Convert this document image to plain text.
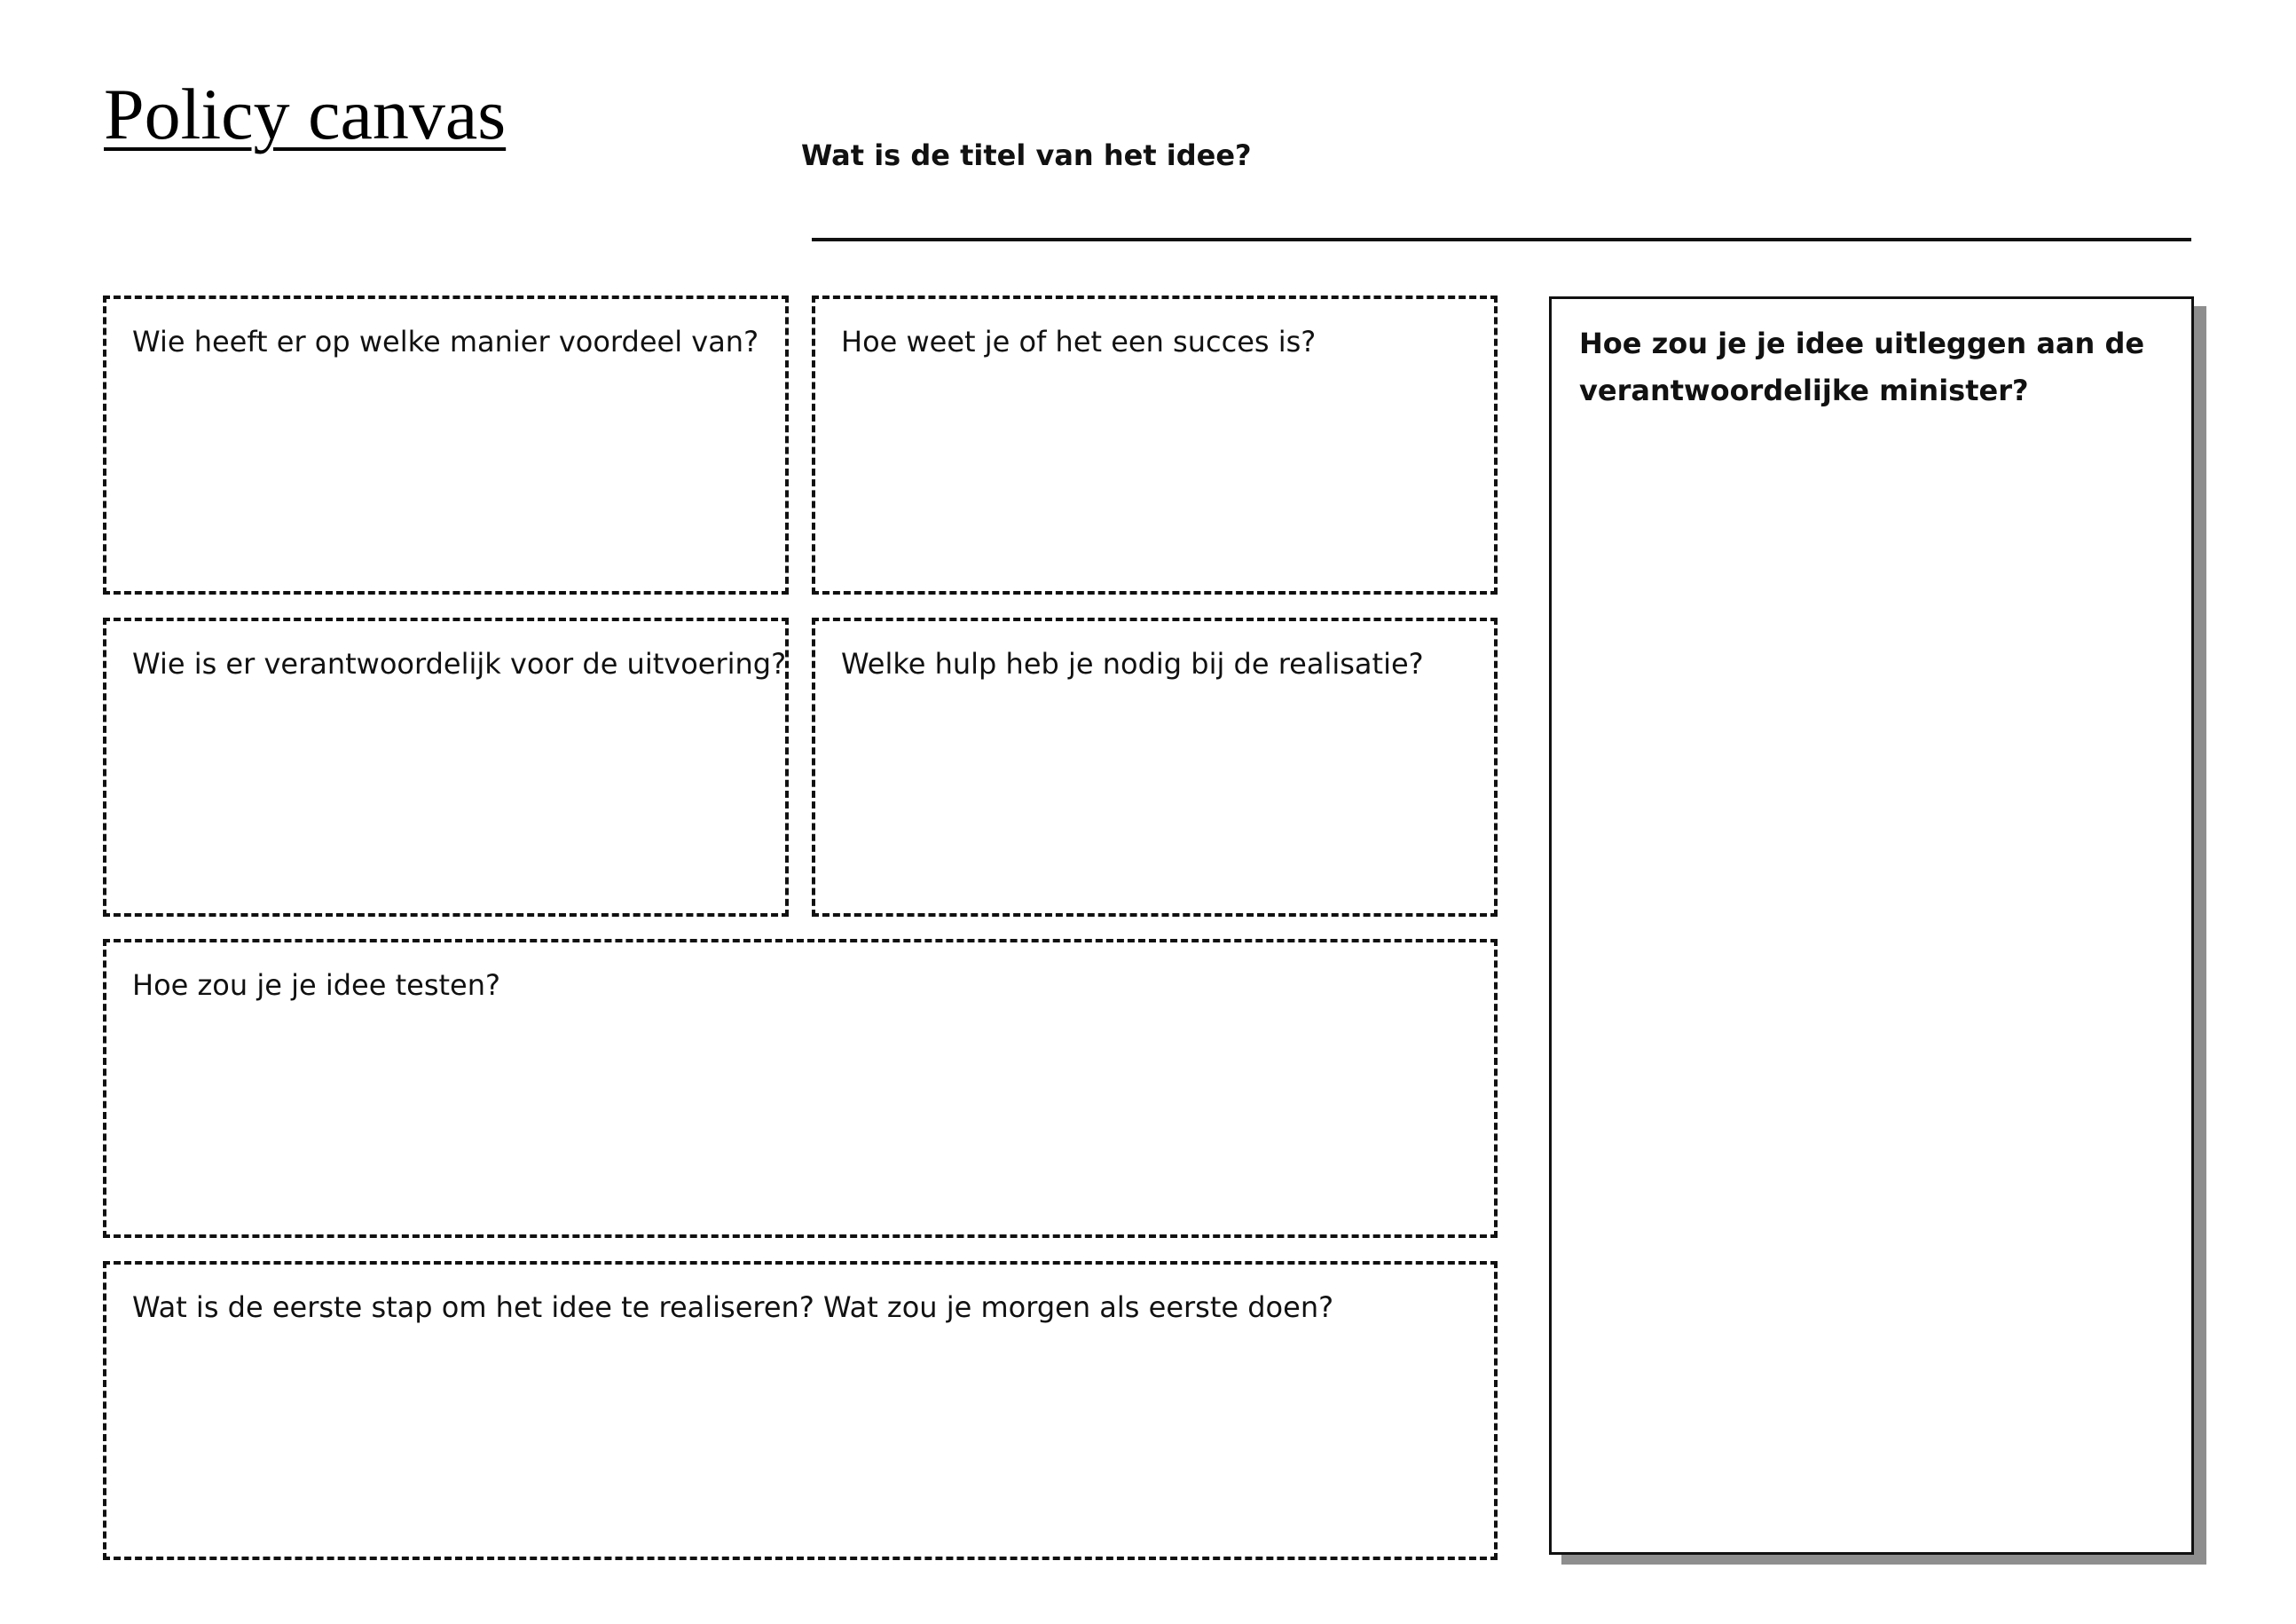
Policy canvas
Wat is de titel van het idee?
Wie heeft er op welke manier voordeel van?	Hoe weet je of het een succes is?
Wie is er verantwoordelijk voor de uitvoering? Welke hulp heb je nodig bij de realisatie?
Hoe zou je je idee testen?
Wat is de eerste stap om het idee te realiseren? Wat zou je morgen als eerste doen?
Hoe zou je je idee uitleggen aan de verantwoordelijke minister?
